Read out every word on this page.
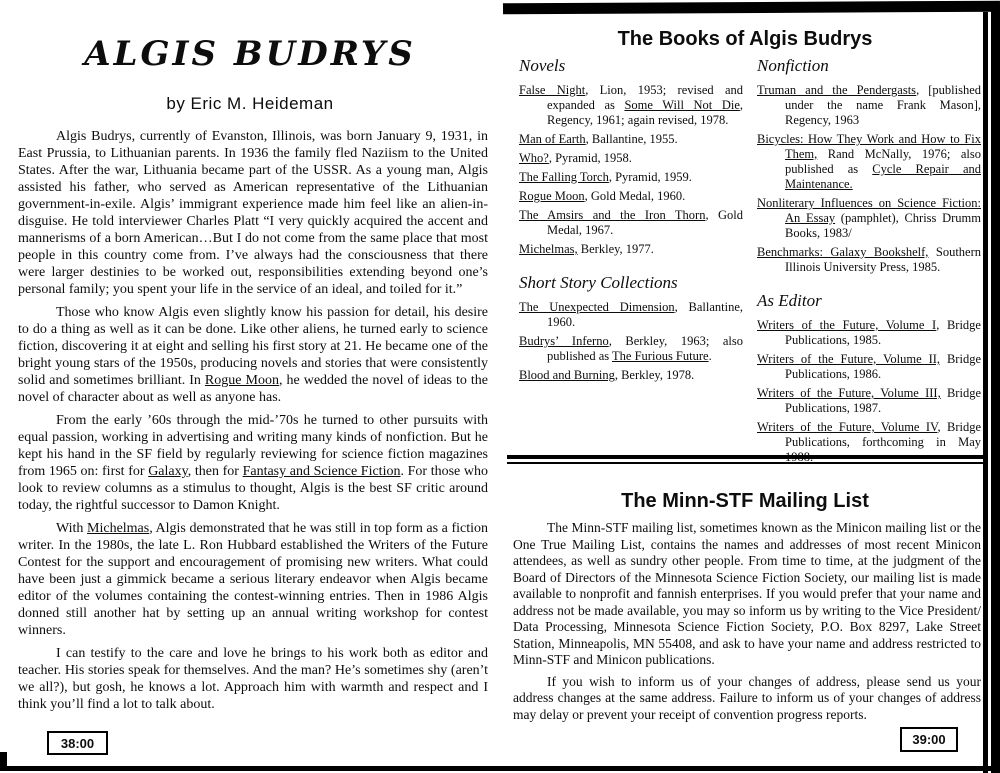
ALGIS BUDRYS
by Eric M. Heideman

Algis Budrys, currently of Evanston, Illinois, was born January 9, 1931, in East Prussia, to Lithuanian parents. In 1936 the family fled Naziism to the United States. After the war, Lithuania became part of the USSR. As a young man, Algis assisted his father, who served as American representative of the Lithuanian government-in-exile. Algis’ immigrant experience made him feel like an alien-in-disguise. He told interviewer Charles Platt “I very quickly acquired the accent and mannerisms of a born American…But I do not come from the same place that most people in this country come from. I’ve always had the consciousness that there were larger destinies to be worked out, responsibilities extending beyond one’s personal family; you spent your life in the service of an ideal, and toiled for it.”

Those who know Algis even slightly know his passion for detail, his desire to do a thing as well as it can be done. Like other aliens, he turned early to science fiction, discovering it at eight and selling his first story at 21. He became one of the bright young stars of the 1950s, producing novels and stories that were consistently solid and sometimes brilliant. In Rogue Moon, he wedded the novel of ideas to the novel of character about as well as anyone has.

From the early ’60s through the mid-’70s he turned to other pursuits with equal passion, working in advertising and writing many kinds of nonfiction. But he kept his hand in the SF field by regularly reviewing for science fiction magazines from 1965 on: first for Galaxy, then for Fantasy and Science Fiction. For those who look to review columns as a stimulus to thought, Algis is the best SF critic around today, the rightful successor to Damon Knight.

With Michelmas, Algis demonstrated that he was still in top form as a fiction writer. In the 1980s, the late L. Ron Hubbard established the Writers of the Future Contest for the support and encouragement of promising new writers. What could have been just a gimmick became a serious literary endeavor when Algis became editor of the volumes containing the contest-winning entries. Then in 1986 Algis donned still another hat by setting up an annual writing workshop for contest winners.

I can testify to the care and love he brings to his work both as editor and teacher. His stories speak for themselves. And the man? He’s sometimes shy (aren’t we all?), but gosh, he knows a lot. Approach him with warmth and respect and I think you’ll find a lot to talk about.

38:00
The Books of Algis Budrys
Novels

False Night, Lion, 1953; revised and expanded as Some Will Not Die, Regency, 1961; again revised, 1978.

Man of Earth, Ballantine, 1955.

Who?, Pyramid, 1958.

The Falling Torch, Pyramid, 1959.

Rogue Moon, Gold Medal, 1960.

The Amsirs and the Iron Thorn, Gold Medal, 1967.

Michelmas, Berkley, 1977.

Short Story Collections

The Unexpected Dimension, Ballantine, 1960.

Budrys’ Inferno, Berkley, 1963; also published as The Furious Future.

Blood and Burning, Berkley, 1978.

Nonfiction

Truman and the Pendergasts, [published under the name Frank Mason], Regency, 1963

Bicycles: How They Work and How to Fix Them, Rand McNally, 1976; also published as Cycle Repair and Maintenance.

Nonliterary Influences on Science Fiction: An Essay (pamphlet), Chriss Drumm Books, 1983/

Benchmarks: Galaxy Bookshelf, Southern Illinois University Press, 1985.

As Editor

Writers of the Future, Volume I, Bridge Publications, 1985.

Writers of the Future, Volume II, Bridge Publications, 1986.

Writers of the Future, Volume III, Bridge Publications, 1987.

Writers of the Future, Volume IV, Bridge Publications, forthcoming in May 1988.

The Minn-STF Mailing List

The Minn-STF mailing list, sometimes known as the Minicon mailing list or the One True Mailing List, contains the names and addresses of most recent Minicon attendees, as well as sundry other people. From time to time, at the judgment of the Board of Directors of the Minnesota Science Fiction Society, our mailing list is made available to nonprofit and fannish enterprises. If you would prefer that your name and address not be made available, you may so inform us by writing to the Vice President/ Data Processing, Minnesota Science Fiction Society, P.O. Box 8297, Lake Street Station, Minneapolis, MN 55408, and ask to have your name and address restricted to Minn-STF and Minicon publications.

If you wish to inform us of your changes of address, please send us your address changes at the same address. Failure to inform us of your changes of address may delay or prevent your receipt of convention progress reports.

39:00
